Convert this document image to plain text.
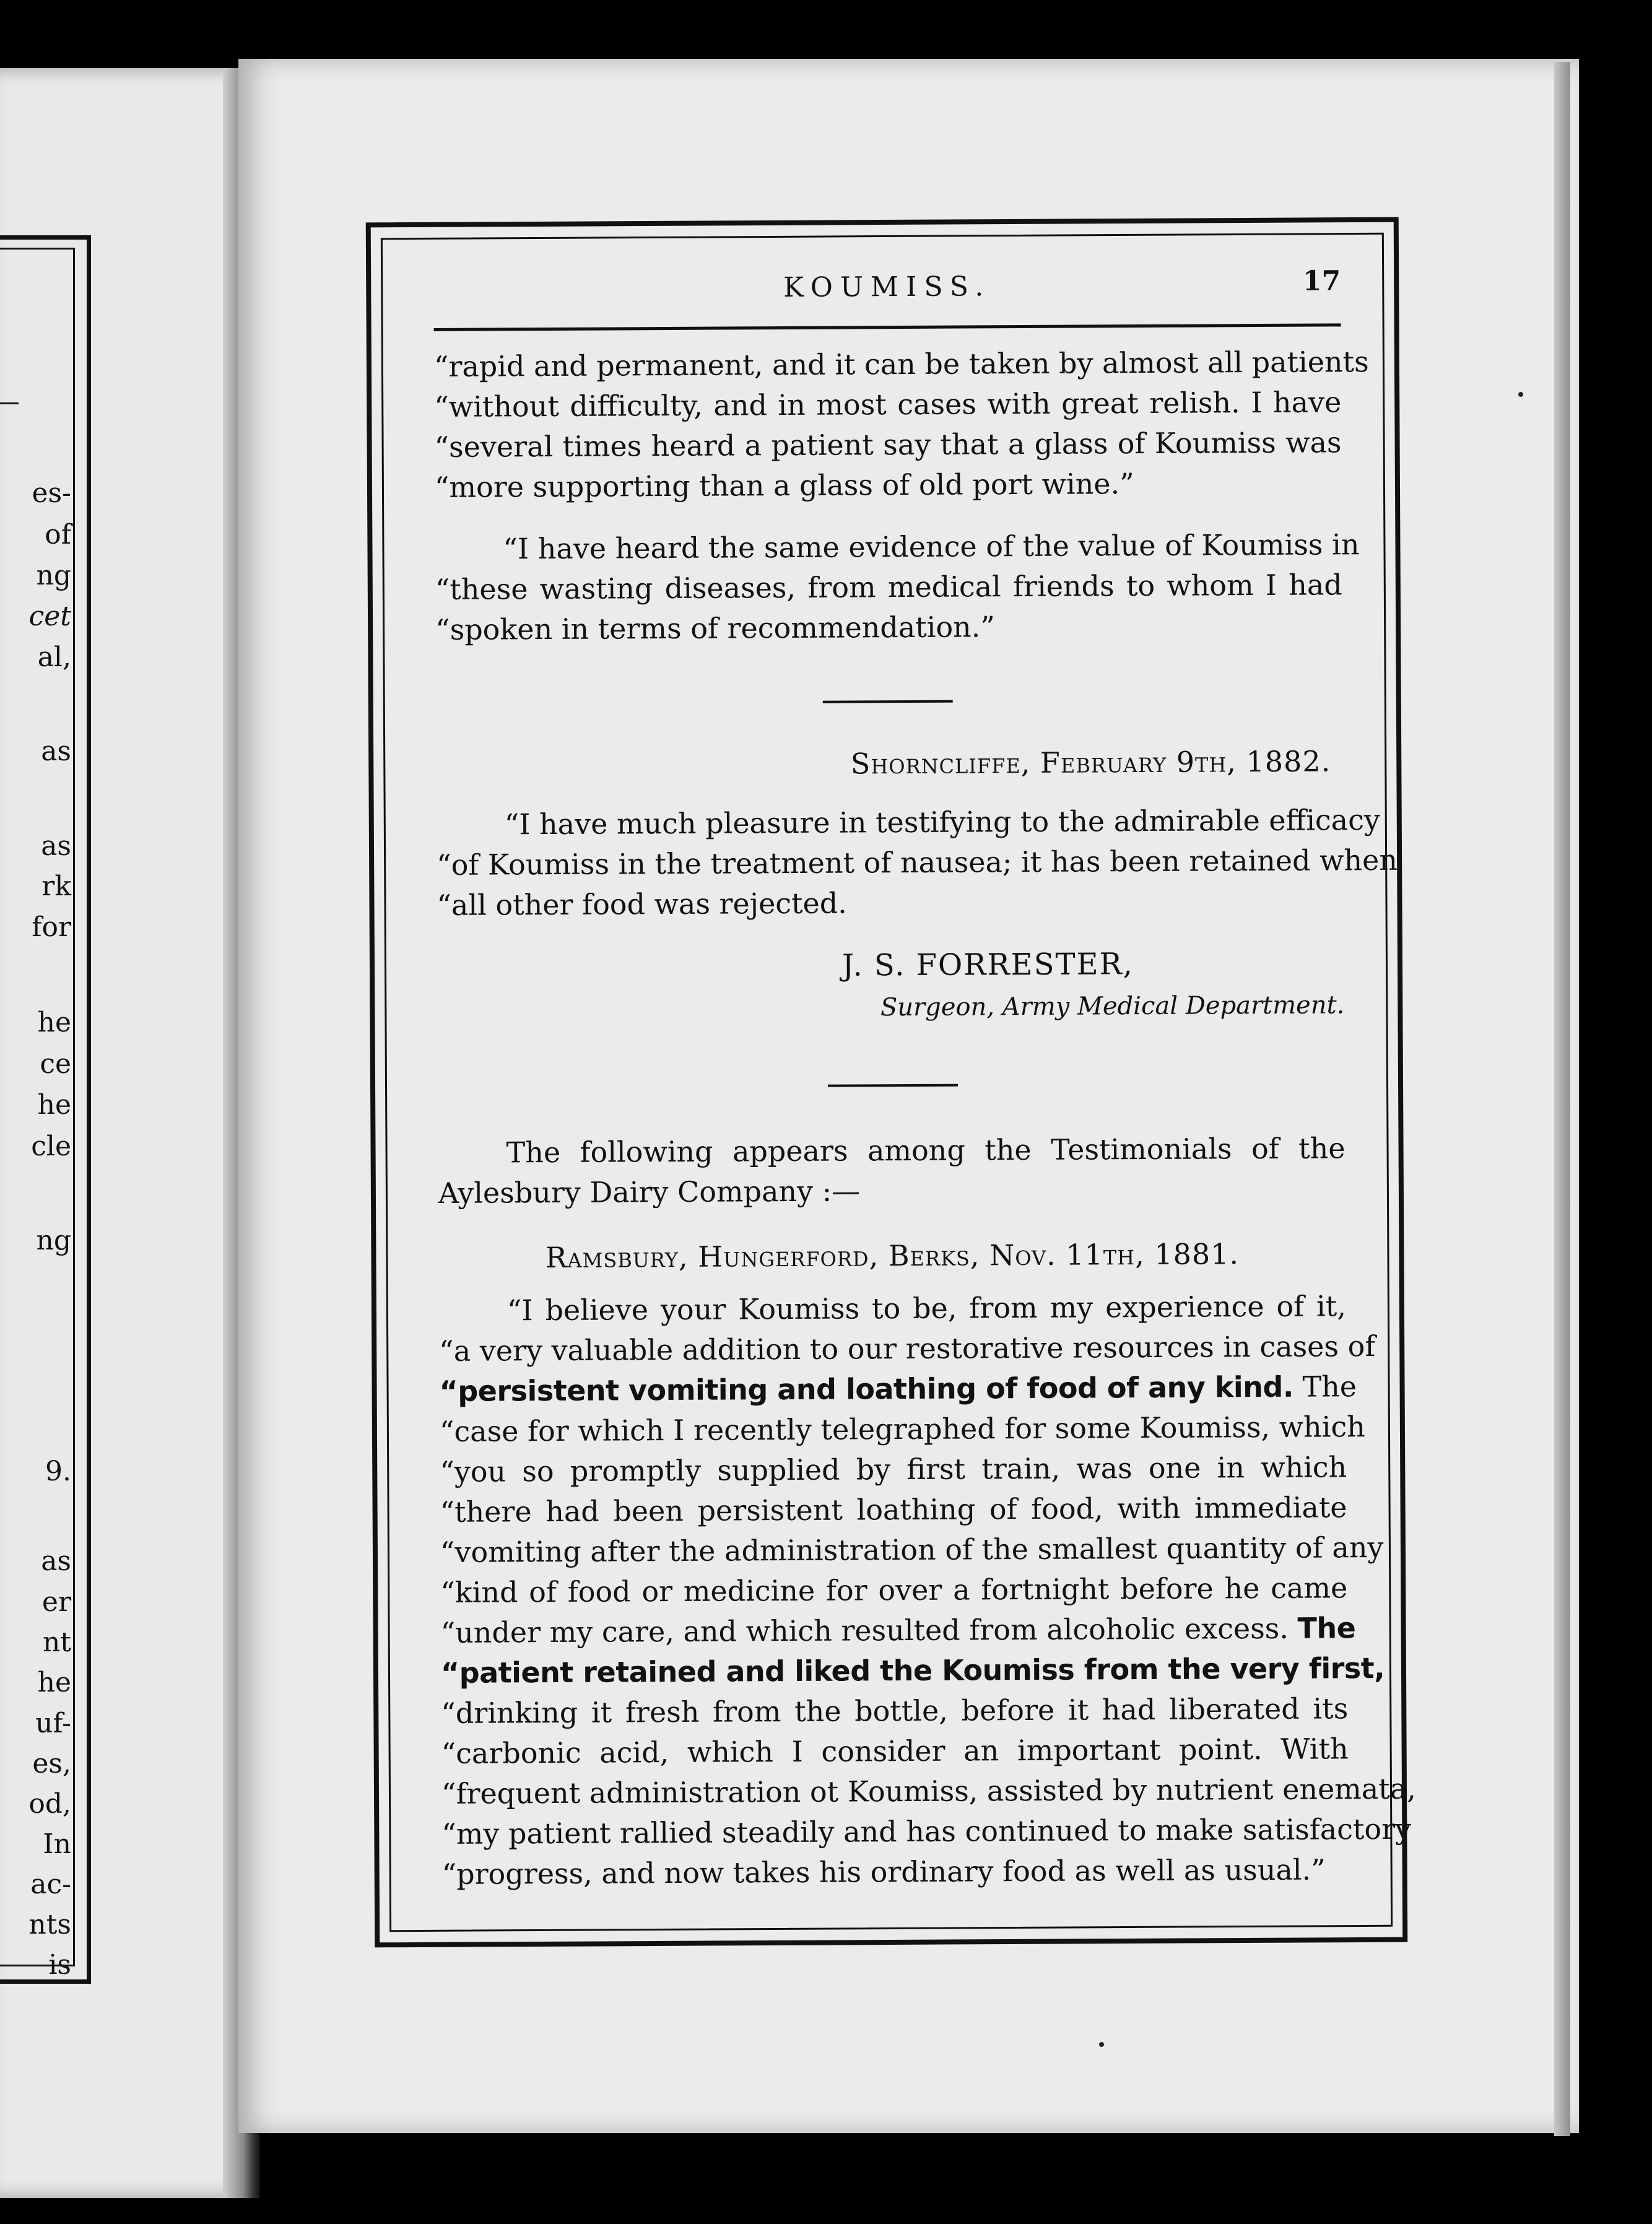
es-
of
ng
cet
al,
as
as
rk
for
he
ce
he
cle
ng
9.
as
er
nt
he
uf-
es,
od,
In
ac-
nts
is
KOUMISS.	17
“rapid and permanent, and it can be taken by almost all patients
“without difficulty, and in most cases with great relish. I have
“several times heard a patient say that a glass of Koumiss was
“more supporting than a glass of old port wine.”
“I have heard the same evidence of the value of Koumiss in
“these wasting diseases, from medical friends to whom I had
“spoken in terms of recommendation.”
Shorncliffe, February 9th, 1882.
“I have much pleasure in testifying to the admirable efficacy
“of Koumiss in the treatment of nausea; it has been retained when
“all other food was rejected.
J. S. FORRESTER,
Surgeon, Army Medical Department.
The following appears among the Testimonials of the
Aylesbury Dairy Company :—
Ramsbury, Hungerford, Berks, Nov. 11th, 1881.
“I believe your Koumiss to be, from my experience of it,
“a very valuable addition to our restorative resources in cases of
“persistent vomiting and loathing of food of any kind. The
“case for which I recently telegraphed for some Koumiss, which
“you so promptly supplied by first train, was one in which
“there had been persistent loathing of food, with immediate
“vomiting after the administration of the smallest quantity of any
“kind of food or medicine for over a fortnight before he came
“under my care, and which resulted from alcoholic excess. The
“patient retained and liked the Koumiss from the very first,
“drinking it fresh from the bottle, before it had liberated its
“carbonic acid, which I consider an important point. With
“frequent administration ot Koumiss, assisted by nutrient enemata,
“my patient rallied steadily and has continued to make satisfactory
“progress, and now takes his ordinary food as well as usual.”
